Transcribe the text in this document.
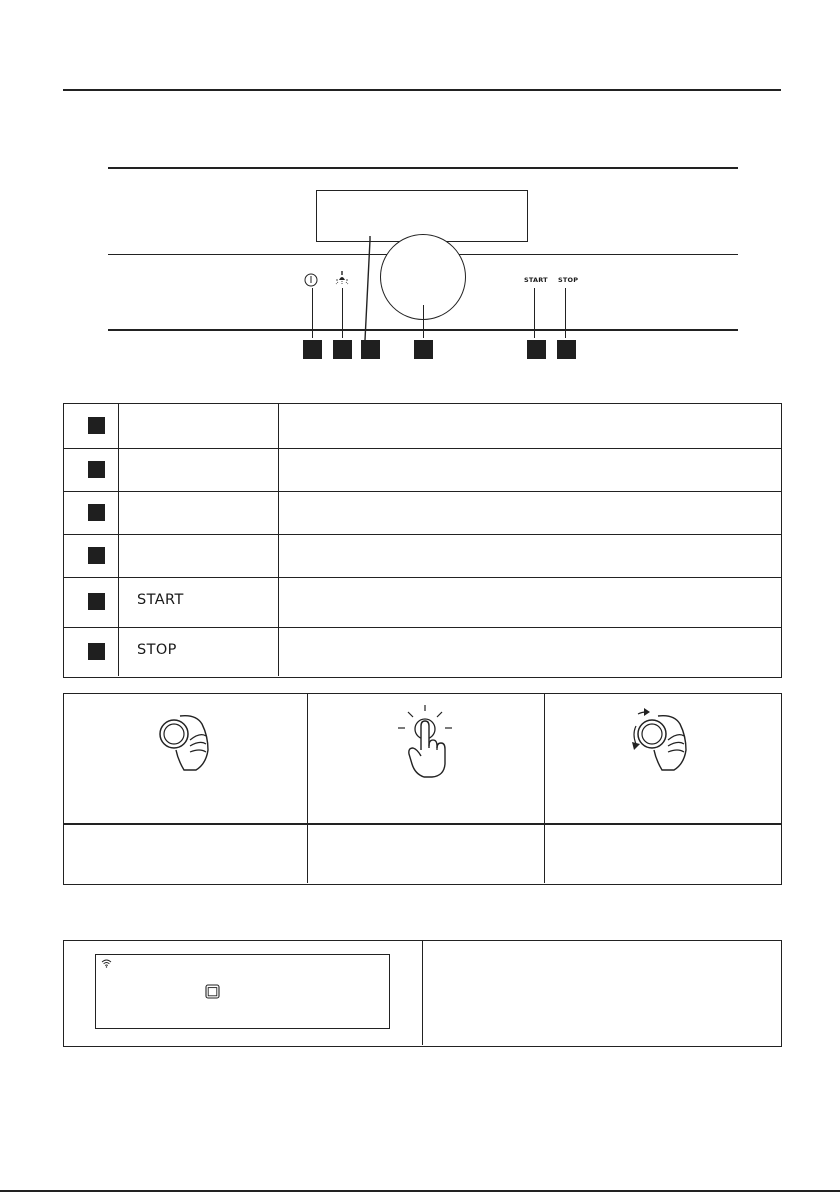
START STOP
START
STOP
